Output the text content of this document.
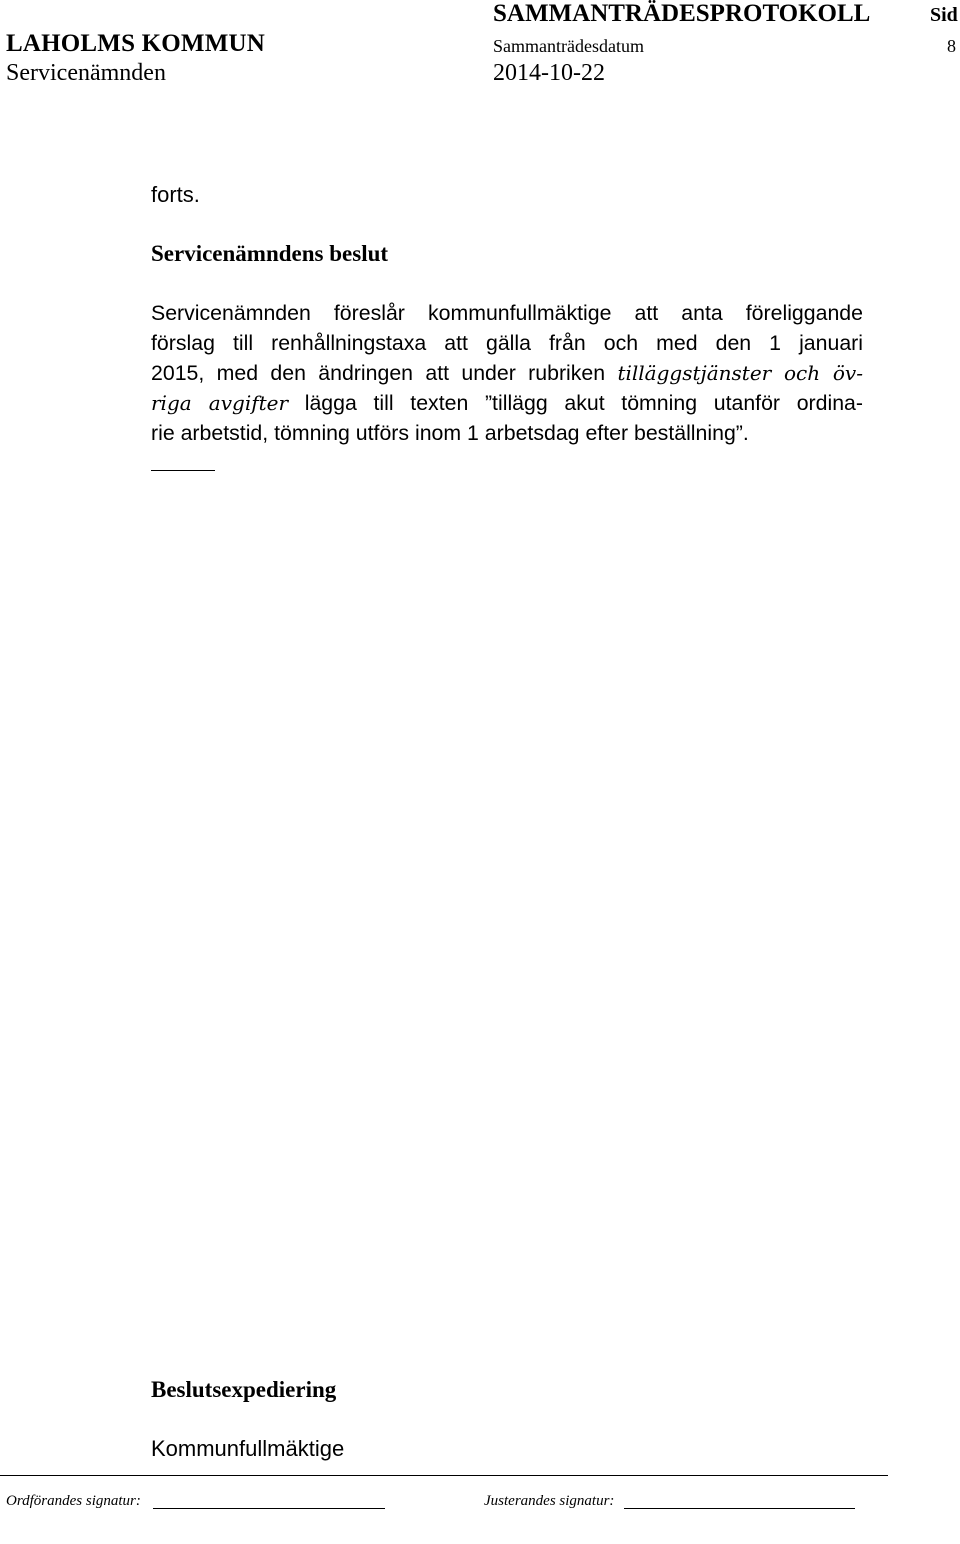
LAHOLMS KOMMUN
Servicenämnden
SAMMANTRÄDESPROTOKOLL
Sammanträdesdatum
2014-10-22
Sid
8
forts.
Servicenämndens beslut
Servicenämnden föreslår kommunfullmäktige att anta föreliggande
förslag till renhållningstaxa att gälla från och med den 1 januari
2015, med den ändringen att under rubriken tilläggstjänster och öv-
riga avgifter lägga till texten ”tillägg akut tömning utanför ordina-
rie arbetstid, tömning utförs inom 1 arbetsdag efter beställning”.
Beslutsexpediering
Kommunfullmäktige
Ordförandes signatur:	Justerandes signatur:
